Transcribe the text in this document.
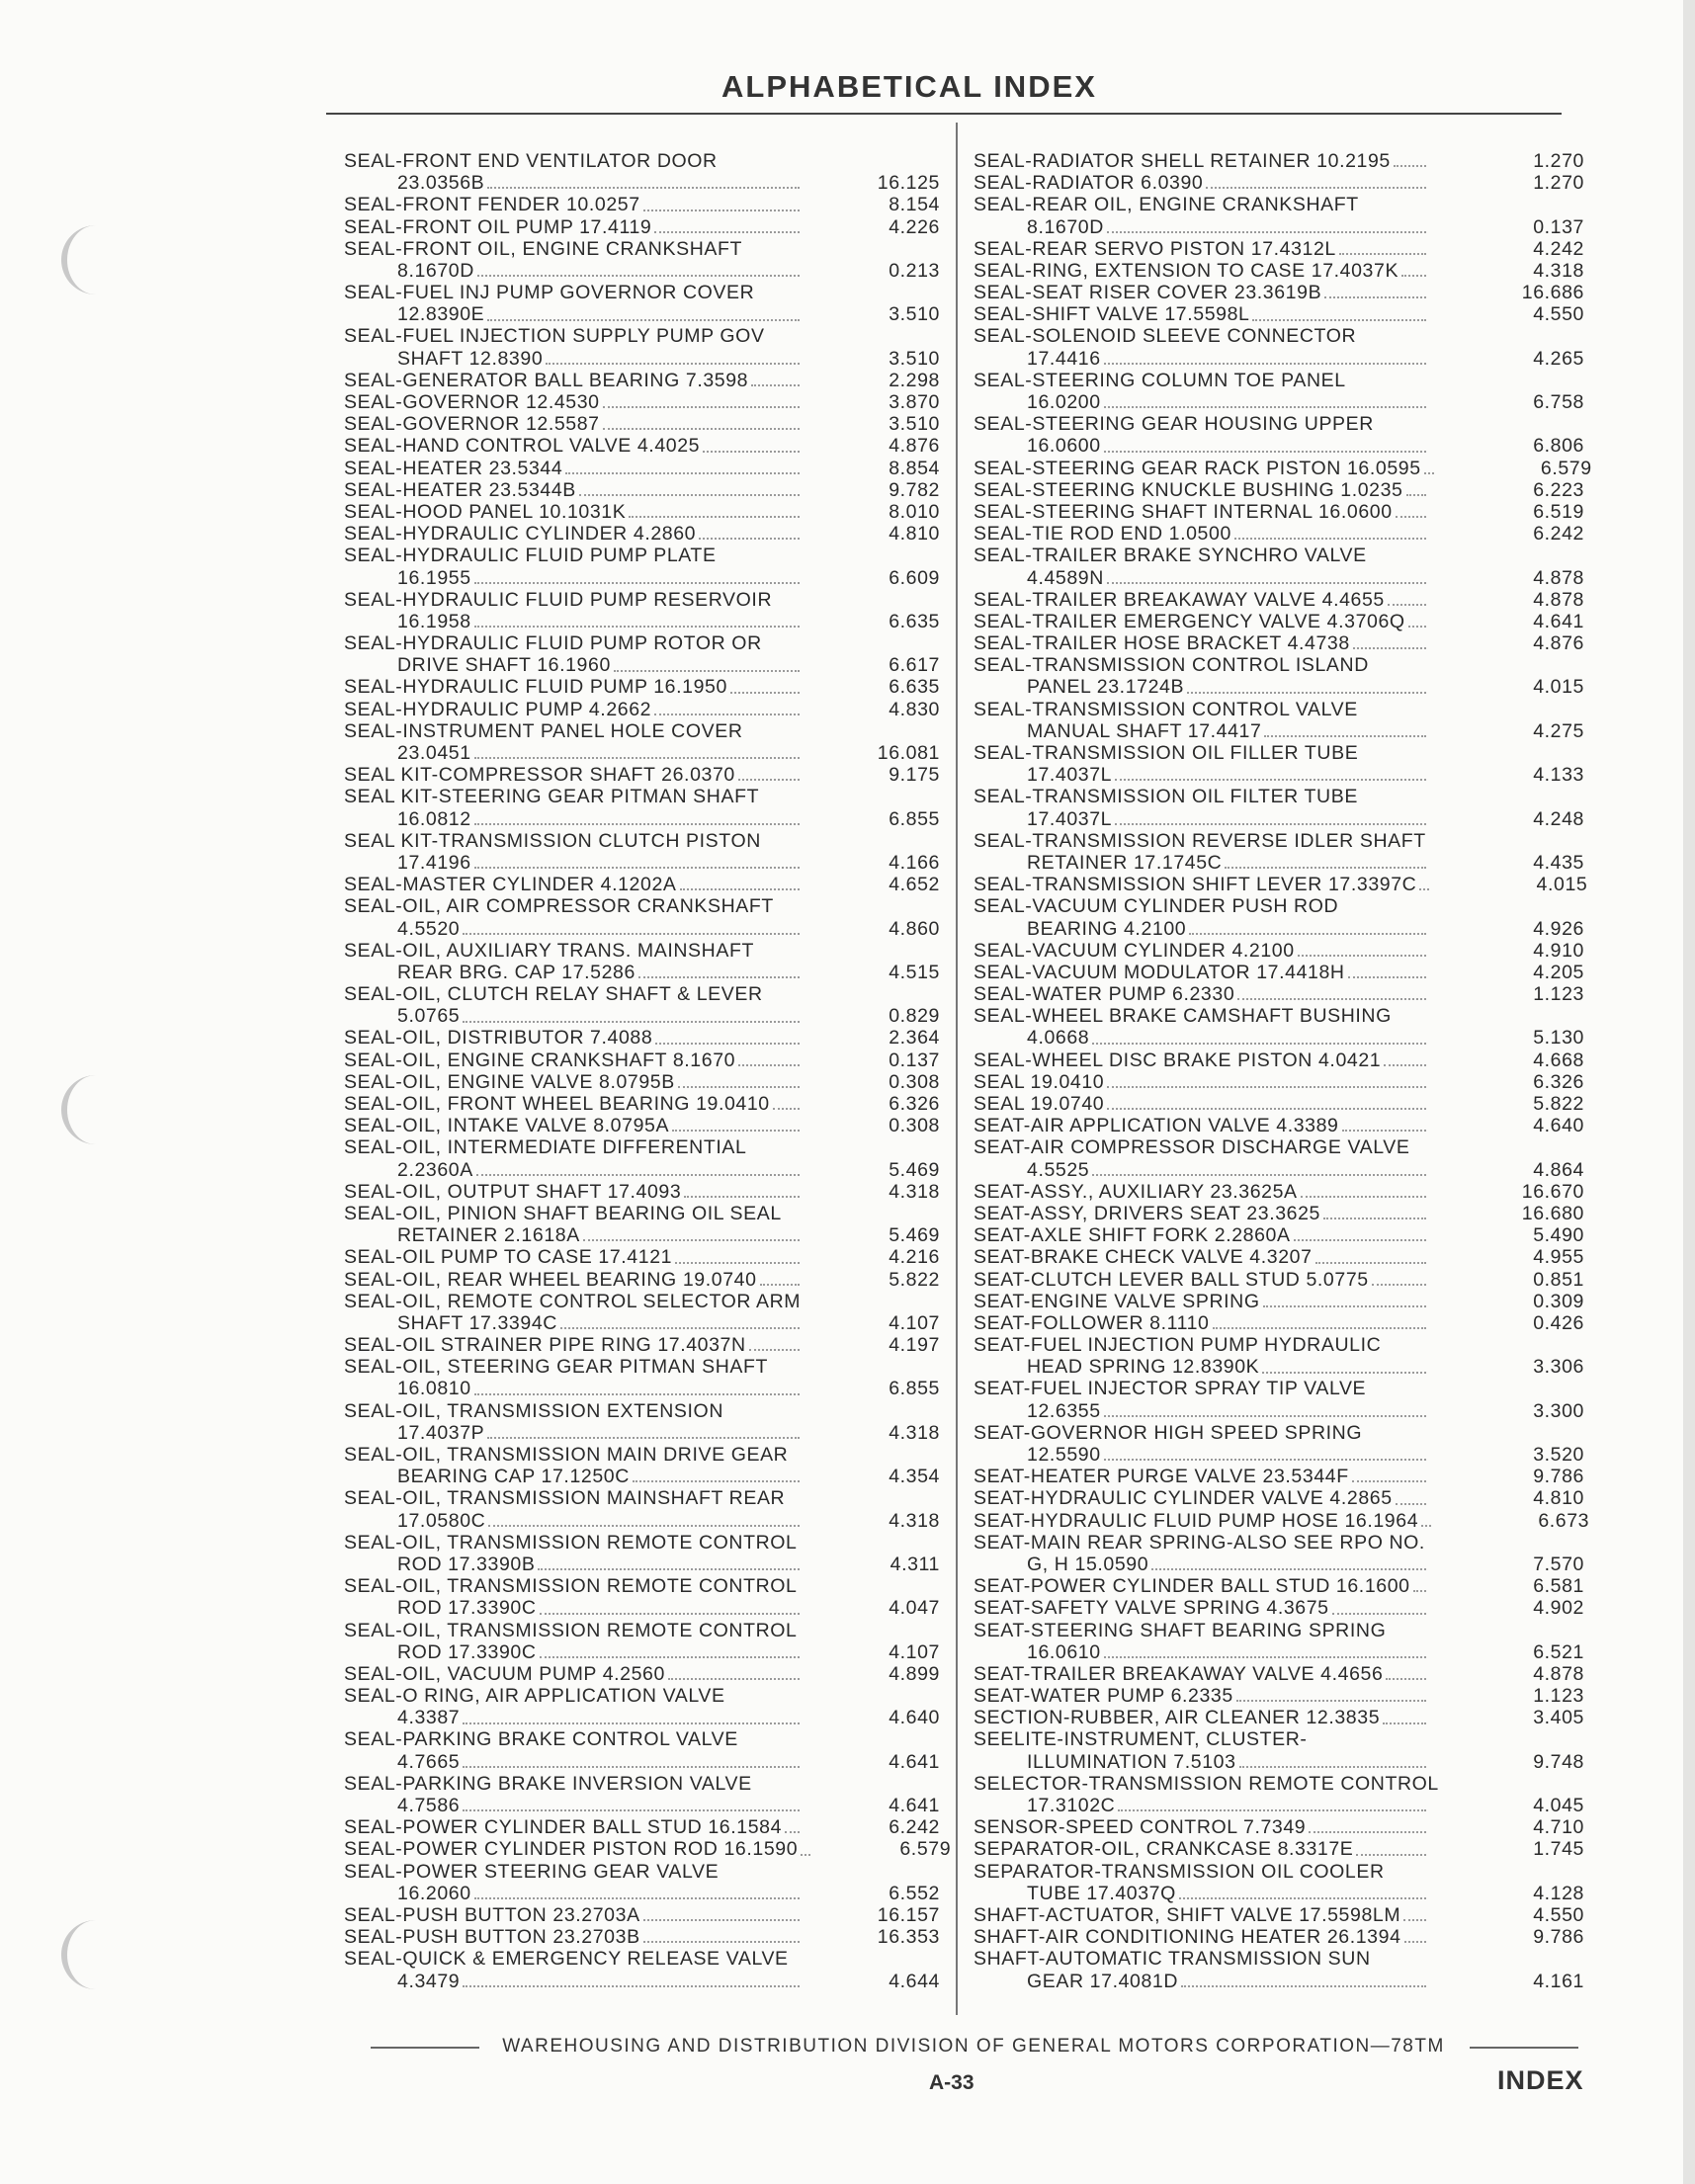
ALPHABETICAL INDEX
SEAL-FRONT END VENTILATOR DOOR
23.0356B	16.125
SEAL-FRONT FENDER 10.0257	8.154
SEAL-FRONT OIL PUMP 17.4119	4.226
SEAL-FRONT OIL, ENGINE CRANKSHAFT
8.1670D	0.213
SEAL-FUEL INJ PUMP GOVERNOR COVER
12.8390E	3.510
SEAL-FUEL INJECTION SUPPLY PUMP GOV
SHAFT 12.8390	3.510
SEAL-GENERATOR BALL BEARING 7.3598	2.298
SEAL-GOVERNOR 12.4530	3.870
SEAL-GOVERNOR 12.5587	3.510
SEAL-HAND CONTROL VALVE 4.4025	4.876
SEAL-HEATER 23.5344	8.854
SEAL-HEATER 23.5344B	9.782
SEAL-HOOD PANEL 10.1031K	8.010
SEAL-HYDRAULIC CYLINDER 4.2860	4.810
SEAL-HYDRAULIC FLUID PUMP PLATE
16.1955	6.609
SEAL-HYDRAULIC FLUID PUMP RESERVOIR
16.1958	6.635
SEAL-HYDRAULIC FLUID PUMP ROTOR OR
DRIVE SHAFT 16.1960	6.617
SEAL-HYDRAULIC FLUID PUMP 16.1950	6.635
SEAL-HYDRAULIC PUMP 4.2662	4.830
SEAL-INSTRUMENT PANEL HOLE COVER
23.0451	16.081
SEAL KIT-COMPRESSOR SHAFT 26.0370	9.175
SEAL KIT-STEERING GEAR PITMAN SHAFT
16.0812	6.855
SEAL KIT-TRANSMISSION CLUTCH PISTON
17.4196	4.166
SEAL-MASTER CYLINDER 4.1202A	4.652
SEAL-OIL, AIR COMPRESSOR CRANKSHAFT
4.5520	4.860
SEAL-OIL, AUXILIARY TRANS. MAINSHAFT
REAR BRG. CAP 17.5286	4.515
SEAL-OIL, CLUTCH RELAY SHAFT & LEVER
5.0765	0.829
SEAL-OIL, DISTRIBUTOR 7.4088	2.364
SEAL-OIL, ENGINE CRANKSHAFT 8.1670	0.137
SEAL-OIL, ENGINE VALVE 8.0795B	0.308
SEAL-OIL, FRONT WHEEL BEARING 19.0410	6.326
SEAL-OIL, INTAKE VALVE 8.0795A	0.308
SEAL-OIL, INTERMEDIATE DIFFERENTIAL
2.2360A	5.469
SEAL-OIL, OUTPUT SHAFT 17.4093	4.318
SEAL-OIL, PINION SHAFT BEARING OIL SEAL
RETAINER 2.1618A	5.469
SEAL-OIL PUMP TO CASE 17.4121	4.216
SEAL-OIL, REAR WHEEL BEARING 19.0740	5.822
SEAL-OIL, REMOTE CONTROL SELECTOR ARM
SHAFT 17.3394C	4.107
SEAL-OIL STRAINER PIPE RING 17.4037N	4.197
SEAL-OIL, STEERING GEAR PITMAN SHAFT
16.0810	6.855
SEAL-OIL, TRANSMISSION EXTENSION
17.4037P	4.318
SEAL-OIL, TRANSMISSION MAIN DRIVE GEAR
BEARING CAP 17.1250C	4.354
SEAL-OIL, TRANSMISSION MAINSHAFT REAR
17.0580C	4.318
SEAL-OIL, TRANSMISSION REMOTE CONTROL
ROD 17.3390B	4.311
SEAL-OIL, TRANSMISSION REMOTE CONTROL
ROD 17.3390C	4.047
SEAL-OIL, TRANSMISSION REMOTE CONTROL
ROD 17.3390C	4.107
SEAL-OIL, VACUUM PUMP 4.2560	4.899
SEAL-O RING, AIR APPLICATION VALVE
4.3387	4.640
SEAL-PARKING BRAKE CONTROL VALVE
4.7665	4.641
SEAL-PARKING BRAKE INVERSION VALVE
4.7586	4.641
SEAL-POWER CYLINDER BALL STUD 16.1584	6.242
SEAL-POWER CYLINDER PISTON ROD 16.1590	6.579
SEAL-POWER STEERING GEAR VALVE
16.2060	6.552
SEAL-PUSH BUTTON 23.2703A	16.157
SEAL-PUSH BUTTON 23.2703B	16.353
SEAL-QUICK & EMERGENCY RELEASE VALVE
4.3479	4.644
SEAL-RADIATOR SHELL RETAINER 10.2195	1.270
SEAL-RADIATOR 6.0390	1.270
SEAL-REAR OIL, ENGINE CRANKSHAFT
8.1670D	0.137
SEAL-REAR SERVO PISTON 17.4312L	4.242
SEAL-RING, EXTENSION TO CASE 17.4037K	4.318
SEAL-SEAT RISER COVER 23.3619B	16.686
SEAL-SHIFT VALVE 17.5598L	4.550
SEAL-SOLENOID SLEEVE CONNECTOR
17.4416	4.265
SEAL-STEERING COLUMN TOE PANEL
16.0200	6.758
SEAL-STEERING GEAR HOUSING UPPER
16.0600	6.806
SEAL-STEERING GEAR RACK PISTON 16.0595	6.579
SEAL-STEERING KNUCKLE BUSHING 1.0235	6.223
SEAL-STEERING SHAFT INTERNAL 16.0600	6.519
SEAL-TIE ROD END 1.0500	6.242
SEAL-TRAILER BRAKE SYNCHRO VALVE
4.4589N	4.878
SEAL-TRAILER BREAKAWAY VALVE 4.4655	4.878
SEAL-TRAILER EMERGENCY VALVE 4.3706Q	4.641
SEAL-TRAILER HOSE BRACKET 4.4738	4.876
SEAL-TRANSMISSION CONTROL ISLAND
PANEL 23.1724B	4.015
SEAL-TRANSMISSION CONTROL VALVE
MANUAL SHAFT 17.4417	4.275
SEAL-TRANSMISSION OIL FILLER TUBE
17.4037L	4.133
SEAL-TRANSMISSION OIL FILTER TUBE
17.4037L	4.248
SEAL-TRANSMISSION REVERSE IDLER SHAFT
RETAINER 17.1745C	4.435
SEAL-TRANSMISSION SHIFT LEVER 17.3397C	4.015
SEAL-VACUUM CYLINDER PUSH ROD
BEARING 4.2100	4.926
SEAL-VACUUM CYLINDER 4.2100	4.910
SEAL-VACUUM MODULATOR 17.4418H	4.205
SEAL-WATER PUMP 6.2330	1.123
SEAL-WHEEL BRAKE CAMSHAFT BUSHING
4.0668	5.130
SEAL-WHEEL DISC BRAKE PISTON 4.0421	4.668
SEAL 19.0410	6.326
SEAL 19.0740	5.822
SEAT-AIR APPLICATION VALVE 4.3389	4.640
SEAT-AIR COMPRESSOR DISCHARGE VALVE
4.5525	4.864
SEAT-ASSY., AUXILIARY 23.3625A	16.670
SEAT-ASSY, DRIVERS SEAT 23.3625	16.680
SEAT-AXLE SHIFT FORK 2.2860A	5.490
SEAT-BRAKE CHECK VALVE 4.3207	4.955
SEAT-CLUTCH LEVER BALL STUD 5.0775	0.851
SEAT-ENGINE VALVE SPRING	0.309
SEAT-FOLLOWER 8.1110	0.426
SEAT-FUEL INJECTION PUMP HYDRAULIC
HEAD SPRING 12.8390K	3.306
SEAT-FUEL INJECTOR SPRAY TIP VALVE
12.6355	3.300
SEAT-GOVERNOR HIGH SPEED SPRING
12.5590	3.520
SEAT-HEATER PURGE VALVE 23.5344F	9.786
SEAT-HYDRAULIC CYLINDER VALVE 4.2865	4.810
SEAT-HYDRAULIC FLUID PUMP HOSE 16.1964	6.673
SEAT-MAIN REAR SPRING-ALSO SEE RPO NO.
G, H 15.0590	7.570
SEAT-POWER CYLINDER BALL STUD 16.1600	6.581
SEAT-SAFETY VALVE SPRING 4.3675	4.902
SEAT-STEERING SHAFT BEARING SPRING
16.0610	6.521
SEAT-TRAILER BREAKAWAY VALVE 4.4656	4.878
SEAT-WATER PUMP 6.2335	1.123
SECTION-RUBBER, AIR CLEANER 12.3835	3.405
SEELITE-INSTRUMENT, CLUSTER-
ILLUMINATION 7.5103	9.748
SELECTOR-TRANSMISSION REMOTE CONTROL
17.3102C	4.045
SENSOR-SPEED CONTROL 7.7349	4.710
SEPARATOR-OIL, CRANKCASE 8.3317E	1.745
SEPARATOR-TRANSMISSION OIL COOLER
TUBE 17.4037Q	4.128
SHAFT-ACTUATOR, SHIFT VALVE 17.5598LM	4.550
SHAFT-AIR CONDITIONING HEATER 26.1394	9.786
SHAFT-AUTOMATIC TRANSMISSION SUN
GEAR 17.4081D	4.161
WAREHOUSING AND DISTRIBUTION DIVISION OF GENERAL MOTORS CORPORATION—78TM
A-33	INDEX
